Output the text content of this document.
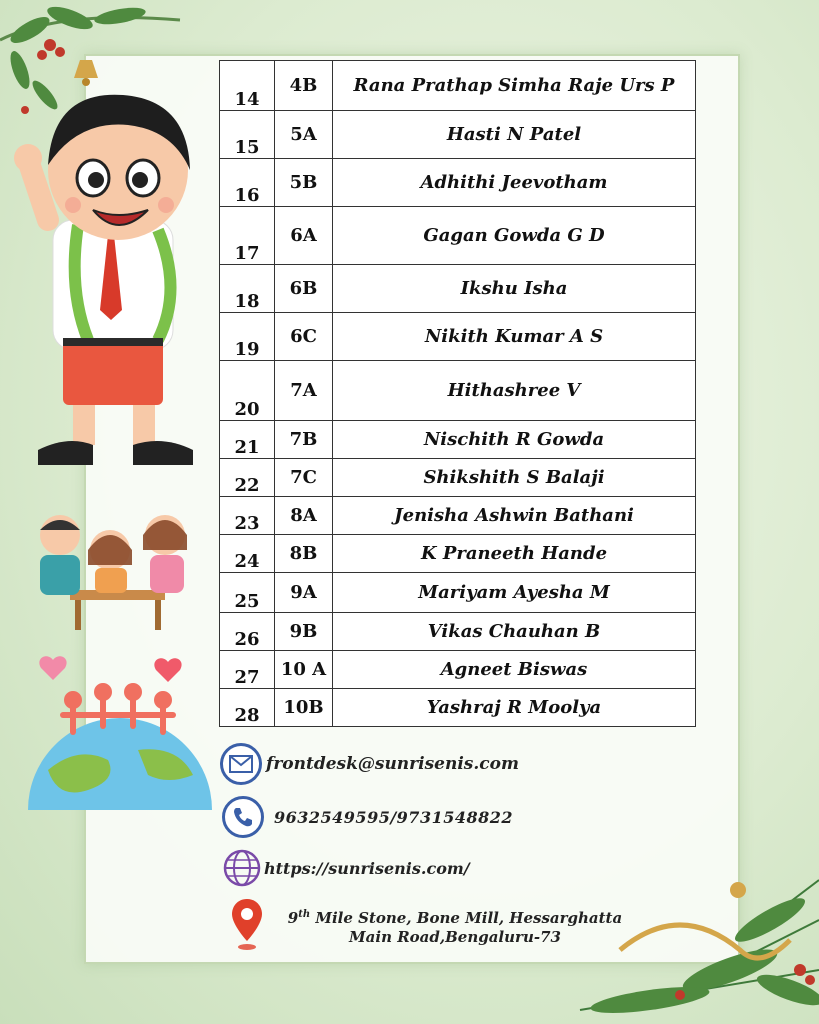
14	4B	Rana Prathap Simha Raje Urs P
15	5A	Hasti N Patel
16	5B	Adhithi Jeevotham
17	6A	Gagan Gowda G D
18	6B	Ikshu Isha
19	6C	Nikith Kumar A S
20	7A	Hithashree V
21	7B	Nischith R Gowda
22	7C	Shikshith S Balaji
23	8A	Jenisha Ashwin Bathani
24	8B	K Praneeth Hande
25	9A	Mariyam Ayesha M
26	9B	Vikas Chauhan B
27	10 A	Agneet Biswas
28	10B	Yashraj R Moolya
frontdesk@sunrisenis.com
9632549595/9731548822
https://sunrisenis.com/
9th Mile Stone, Bone Mill, Hessarghatta
Main Road,Bengaluru-73
